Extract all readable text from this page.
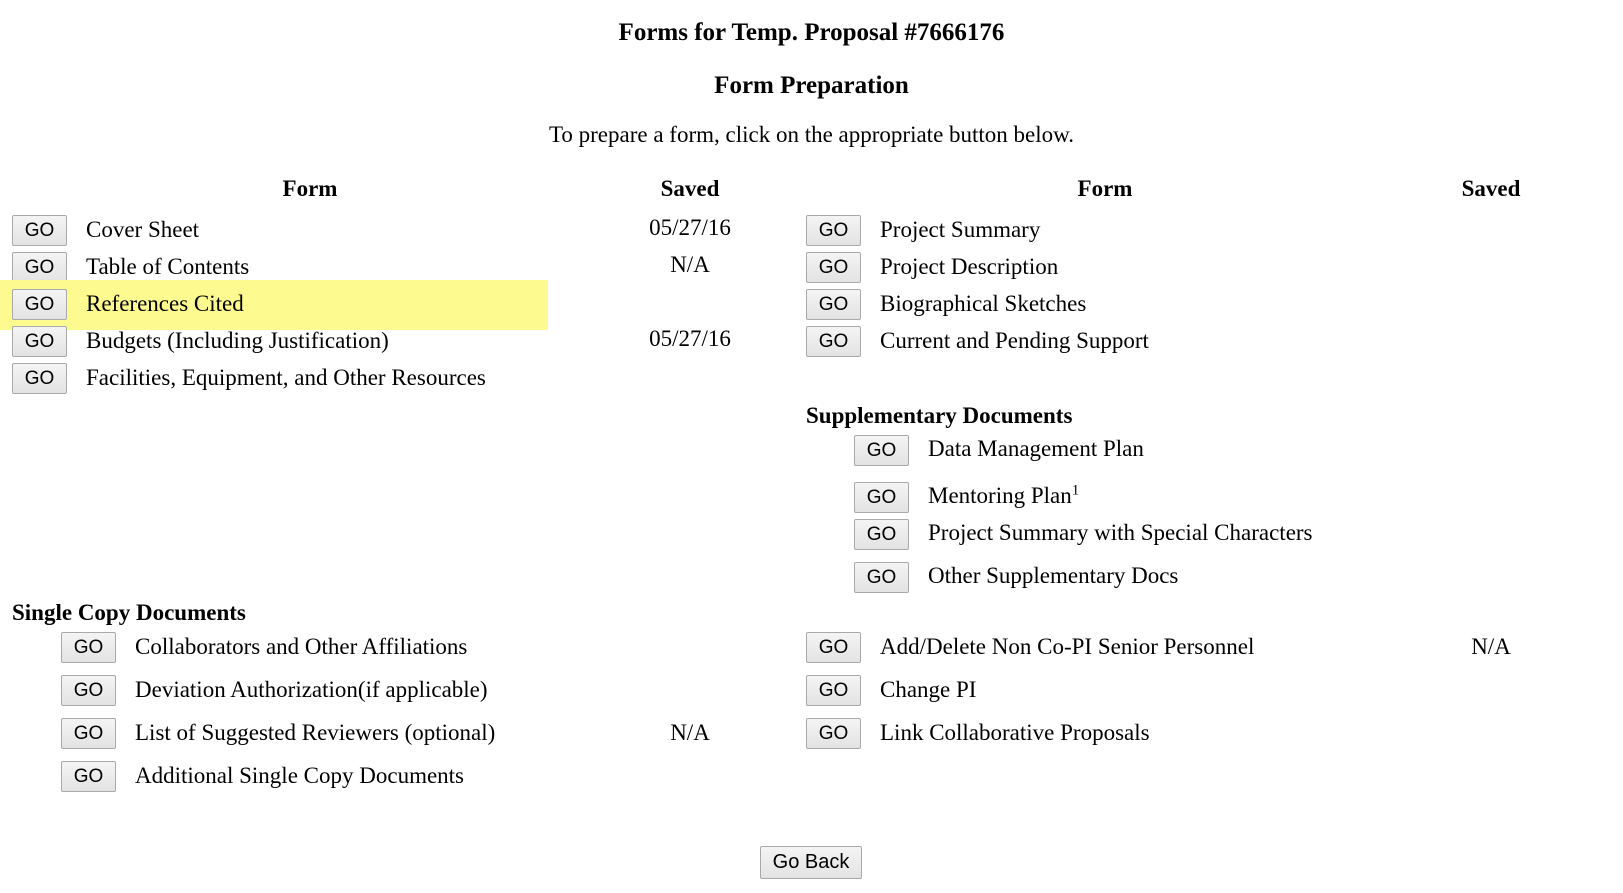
Forms for Temp. Proposal #7666176
Form Preparation
To prepare a form, click on the appropriate button below.
Form	Saved	Form	Saved
GO	Cover Sheet	05/27/16
GO	Table of Contents	N/A
GO	References Cited
GO	Budgets (Including Justification)	05/27/16
GO	Facilities, Equipment, and Other Resources
GO	Project Summary
GO	Project Description
GO	Biographical Sketches
GO	Current and Pending Support
Supplementary Documents
GO	Data Management Plan
GO	Mentoring Plan$^1$
GO	Project Summary with Special Characters
GO	Other Supplementary Docs
Single Copy Documents
GO	Collaborators and Other Affiliations
GO	Deviation Authorization(if applicable)
GO	List of Suggested Reviewers (optional)	N/A
GO	Additional Single Copy Documents
GO	Add/Delete Non Co-PI Senior Personnel	N/A
GO	Change PI
GO	Link Collaborative Proposals
Go Back
